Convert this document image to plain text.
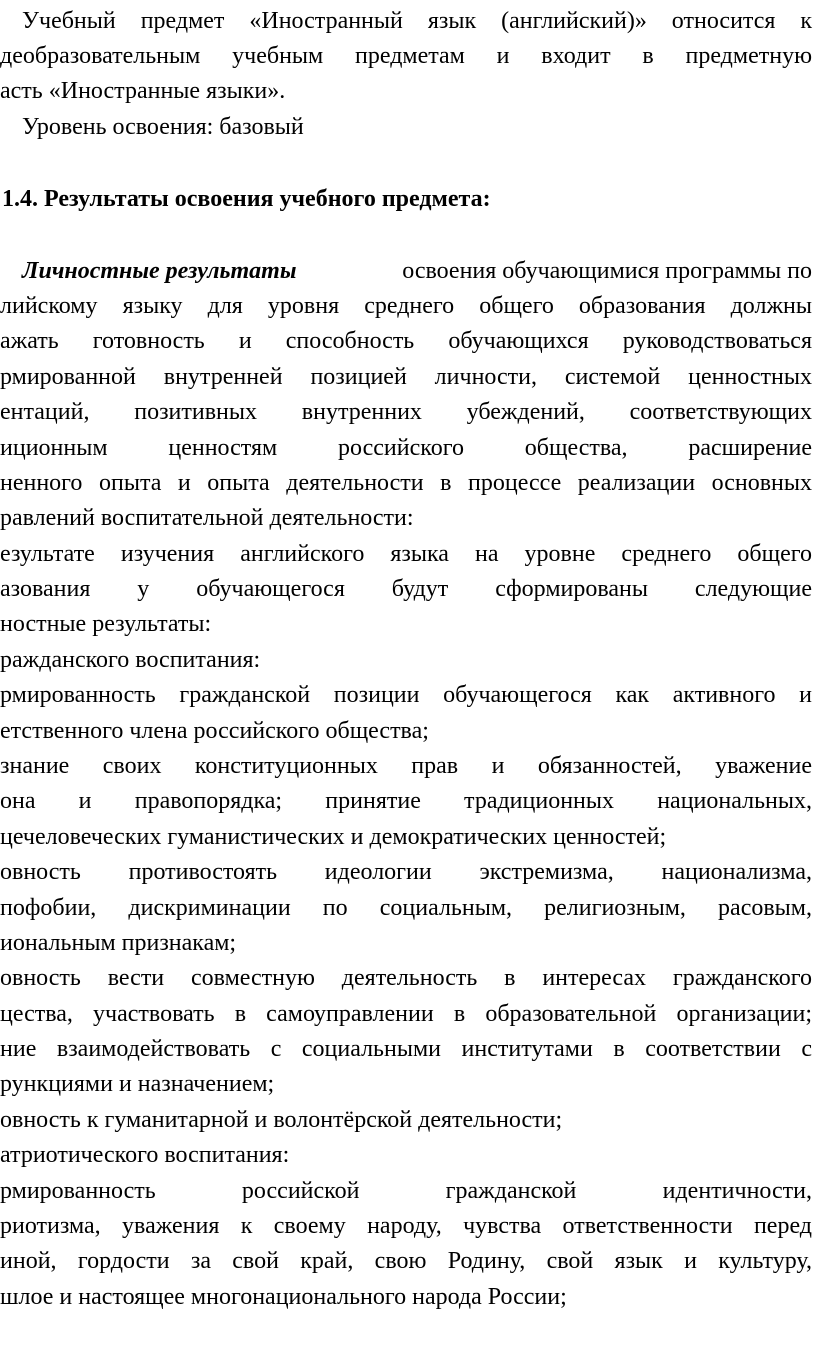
Учебный предмет «Иностранный язык (английский)» относится к
деобразовательным учебным предметам и входит в предметную
асть «Иностранные языки».
Уровень освоения: базовый
1.4. Результаты освоения учебного предмета:
Личностные результаты	освоения обучающимися программы по
лийскому языку для уровня среднего общего образования должны
ажать готовность и способность обучающихся руководствоваться
рмированной внутренней позицией личности, системой ценностных
ентаций, позитивных внутренних убеждений, соответствующих
иционным ценностям российского общества, расширение
ненного опыта и опыта деятельности в процессе реализации основных
равлений воспитательной деятельности:
езультате изучения английского языка на уровне среднего общего
азования у обучающегося будут сформированы следующие
ностные результаты:
ражданского воспитания:
рмированность гражданской позиции обучающегося как активного и
етственного члена российского общества;
знание своих конституционных прав и обязанностей, уважение
она и правопорядка; принятие традиционных национальных,
цечеловеческих гуманистических и демократических ценностей;
овность противостоять идеологии экстремизма, национализма,
пофобии, дискриминации по социальным, религиозным, расовым,
иональным признакам;
овность вести совместную деятельность в интересах гражданского
цества, участвовать в самоуправлении в образовательной организации;
ние взаимодействовать с социальными институтами в соответствии с
рункциями и назначением;
овность к гуманитарной и волонтёрской деятельности;
атриотического воспитания:
рмированность российской гражданской идентичности,
риотизма, уважения к своему народу, чувства ответственности перед
иной, гордости за свой край, свою Родину, свой язык и культуру,
шлое и настоящее многонационального народа России;
